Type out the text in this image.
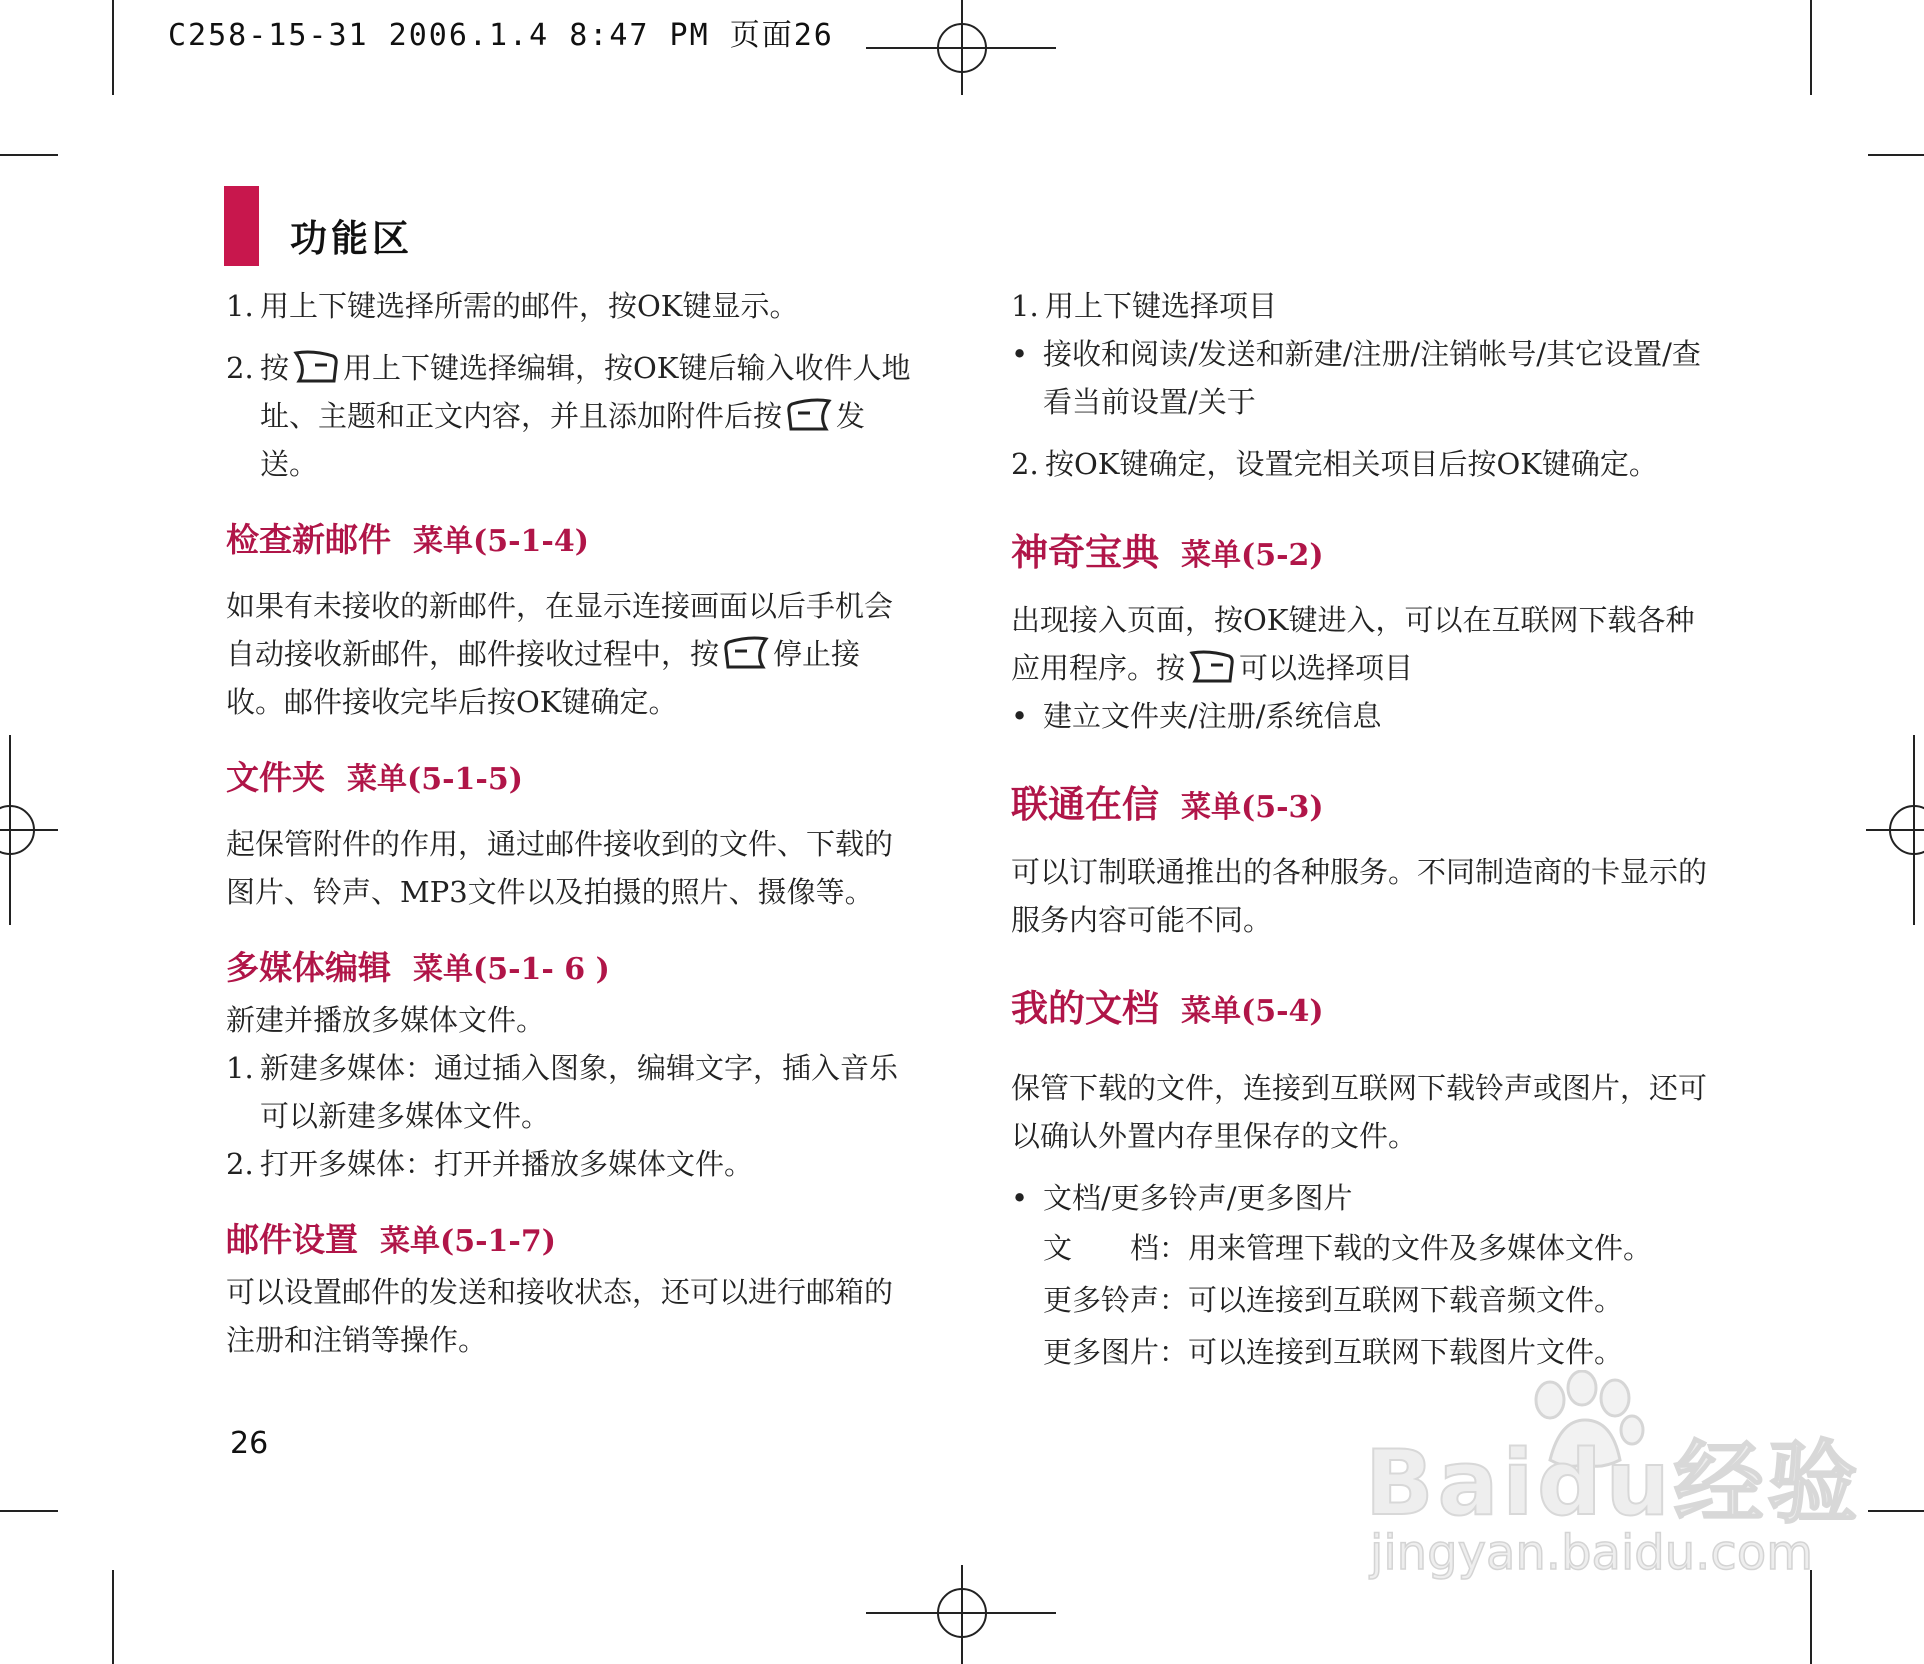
C258-15-31 2006.1.4 8:47 PM 页面26
功能区
1. 用上下键选择所需的邮件，按OK键显示。
2. 按 用上下键选择编辑，按OK键后输入收件人地址、主题和正文内容，并且添加附件后按 发送。
检查新邮件 菜单(5-1-4)

如果有未接收的新邮件，在显示连接画面以后手机会自动接收新邮件，邮件接收过程中，按 停止接收。邮件接收完毕后按OK键确定。

文件夹 菜单(5-1-5)

起保管附件的作用，通过邮件接收到的文件、下载的图片、铃声、MP3文件以及拍摄的照片、摄像等。

多媒体编辑 菜单(5-1- 6 )

新建并播放多媒体文件。

1. 新建多媒体：通过插入图象，编辑文字，插入音乐可以新建多媒体文件。
2. 打开多媒体：打开并播放多媒体文件。
邮件设置 菜单(5-1-7)

可以设置邮件的发送和接收状态，还可以进行邮箱的注册和注销等操作。

1. 用上下键选择项目
• 接收和阅读/发送和新建/注册/注销帐号/其它设置/查看当前设置/关于
2. 按OK键确定，设置完相关项目后按OK键确定。
神奇宝典 菜单(5-2)

出现接入页面，按OK键进入，可以在互联网下载各种应用程序。按 可以选择项目

• 建立文件夹/注册/系统信息
联通在信 菜单(5-3)

可以订制联通推出的各种服务。不同制造商的卡显示的服务内容可能不同。

我的文档 菜单(5-4)

保管下载的文件，连接到互联网下载铃声或图片，还可以确认外置内存里保存的文件。

• 文档/更多铃声/更多图片

文　　档：用来管理下载的文件及多媒体文件。

更多铃声：可以连接到互联网下载音频文件。

更多图片：可以连接到互联网下载图片文件。

26	Baidu经验
jingyan.baidu.com
